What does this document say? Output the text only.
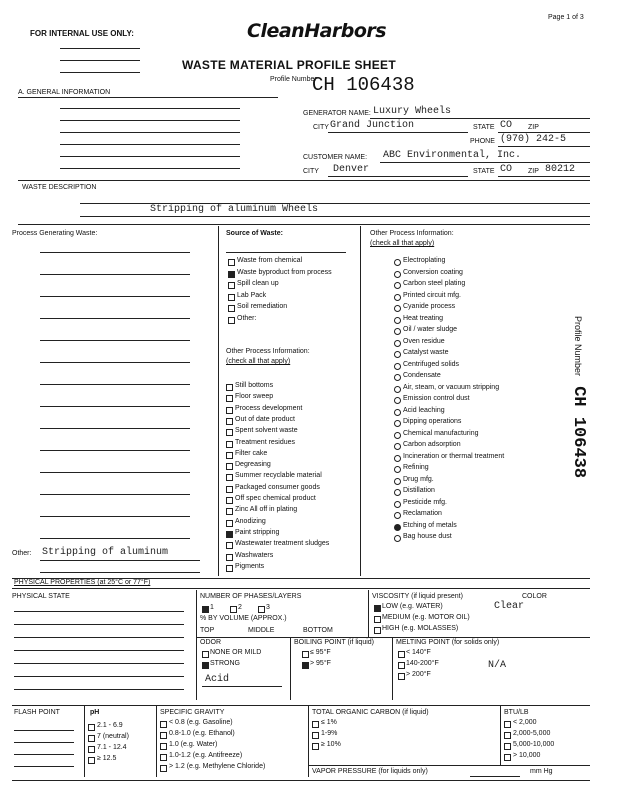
Page 1 of 3
FOR INTERNAL USE ONLY:	CleanHarbors
WASTE MATERIAL PROFILE SHEET
Profile Number
CH 106438
A. GENERAL INFORMATION
GENERATOR NAME: Luxury Wheels
CITY Grand Junction	STATE CO ZIP
PHONE (970) 242-5
CUSTOMER NAME: ABC Environmental, Inc.
CITY Denver	STATE CO ZIP 80212
WASTE DESCRIPTION
Stripping of aluminum Wheels
Process Generating Waste:
Other: Stripping of aluminum
Source of Waste:
Waste from chemical
Waste byproduct from process
Spill clean up
Lab Pack
Soil remediation
Other:
Other Process Information:
(check all that apply)
Still bottoms
Floor sweep
Process development
Out of date product
Spent solvent waste
Treatment residues
Filter cake
Degreasing
Summer recyclable material
Packaged consumer goods
Off spec chemical product
Zinc All off in plating
Anodizing
Paint stripping
Wastewater treatment sludges
Washwaters
Pigments
Other Process Information:
(check all that apply)
Electroplating
Conversion coating
Carbon steel plating
Printed circuit mfg.
Cyanide process
Heat treating
Oil / water sludge
Oven residue
Catalyst waste
Centrifuged solids
Condensate
Air, steam, or vacuum stripping
Emission control dust
Acid leaching
Dipping operations
Chemical manufacturing
Carbon adsorption
Incineration or thermal treatment
Refining
Drug mfg.
Distillation
Pesticide mfg.
Reclamation
Etching of metals
Bag house dust
PHYSICAL PROPERTIES (at 25°C or 77°F)
PHYSICAL STATE	NUMBER OF PHASES/LAYERS
1	2	3
% BY VOLUME (APPROX.)
TOP	MIDDLE	BOTTOM
VISCOSITY (if liquid present)	COLOR
LOW (e.g. WATER)	Clear
MEDIUM (e.g. MOTOR OIL)
HIGH (e.g. MOLASSES)
ODOR
NONE OR MILD
STRONG
Acid
BOILING POINT (if liquid)
≤ 95°F
> 95°F
MELTING POINT (for solids only)
< 140°F
140-200°F
> 200°F
N/A
FLASH POINT	pH
2.1 - 6.9
7 (neutral)
7.1 - 12.4
≥ 12.5
SPECIFIC GRAVITY
< 0.8 (e.g. Gasoline)
0.8-1.0 (e.g. Ethanol)
1.0 (e.g. Water)
1.0-1.2 (e.g. Antifreeze)
> 1.2 (e.g. Methylene Chloride)
TOTAL ORGANIC CARBON (if liquid)
≤ 1%
1-9%
≥ 10%
BTU/LB
< 2,000
2,000-5,000
5,000-10,000
> 10,000
VAPOR PRESSURE (for liquids only)	mm Hg
Profile Number CH 106438
